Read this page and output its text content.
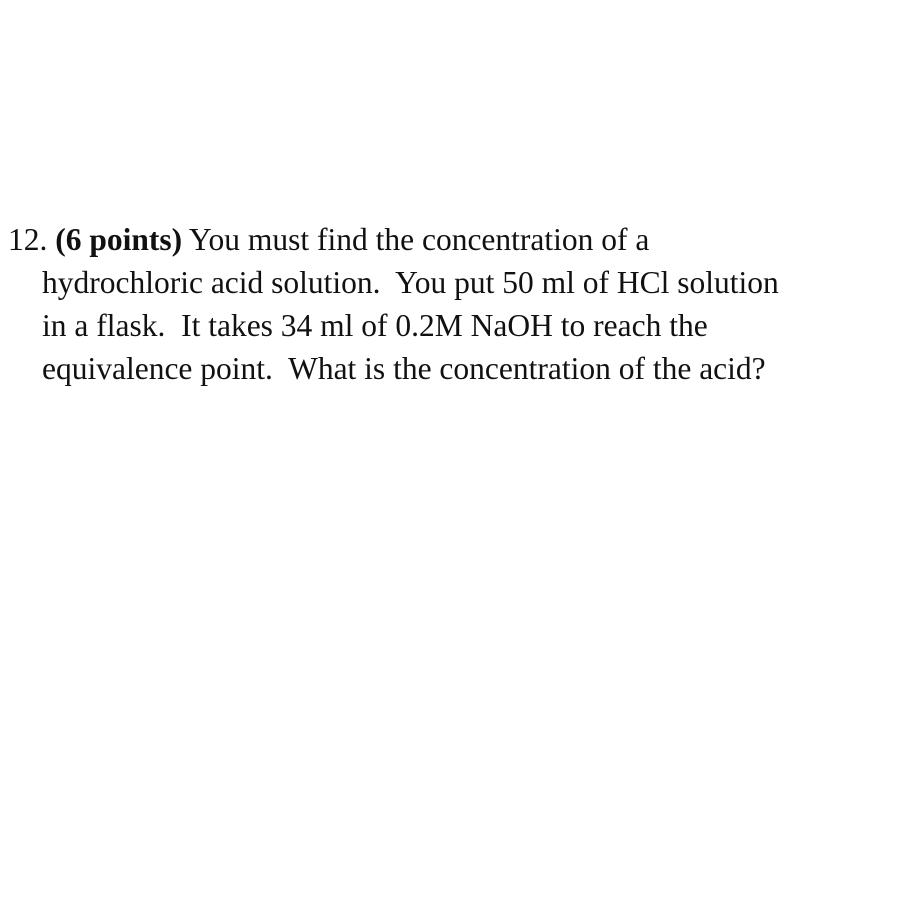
12. (6 points) You must find the concentration of a
hydrochloric acid solution.  You put 50 ml of HCl solution
in a flask.  It takes 34 ml of 0.2M NaOH to reach the
equivalence point.  What is the concentration of the acid?
